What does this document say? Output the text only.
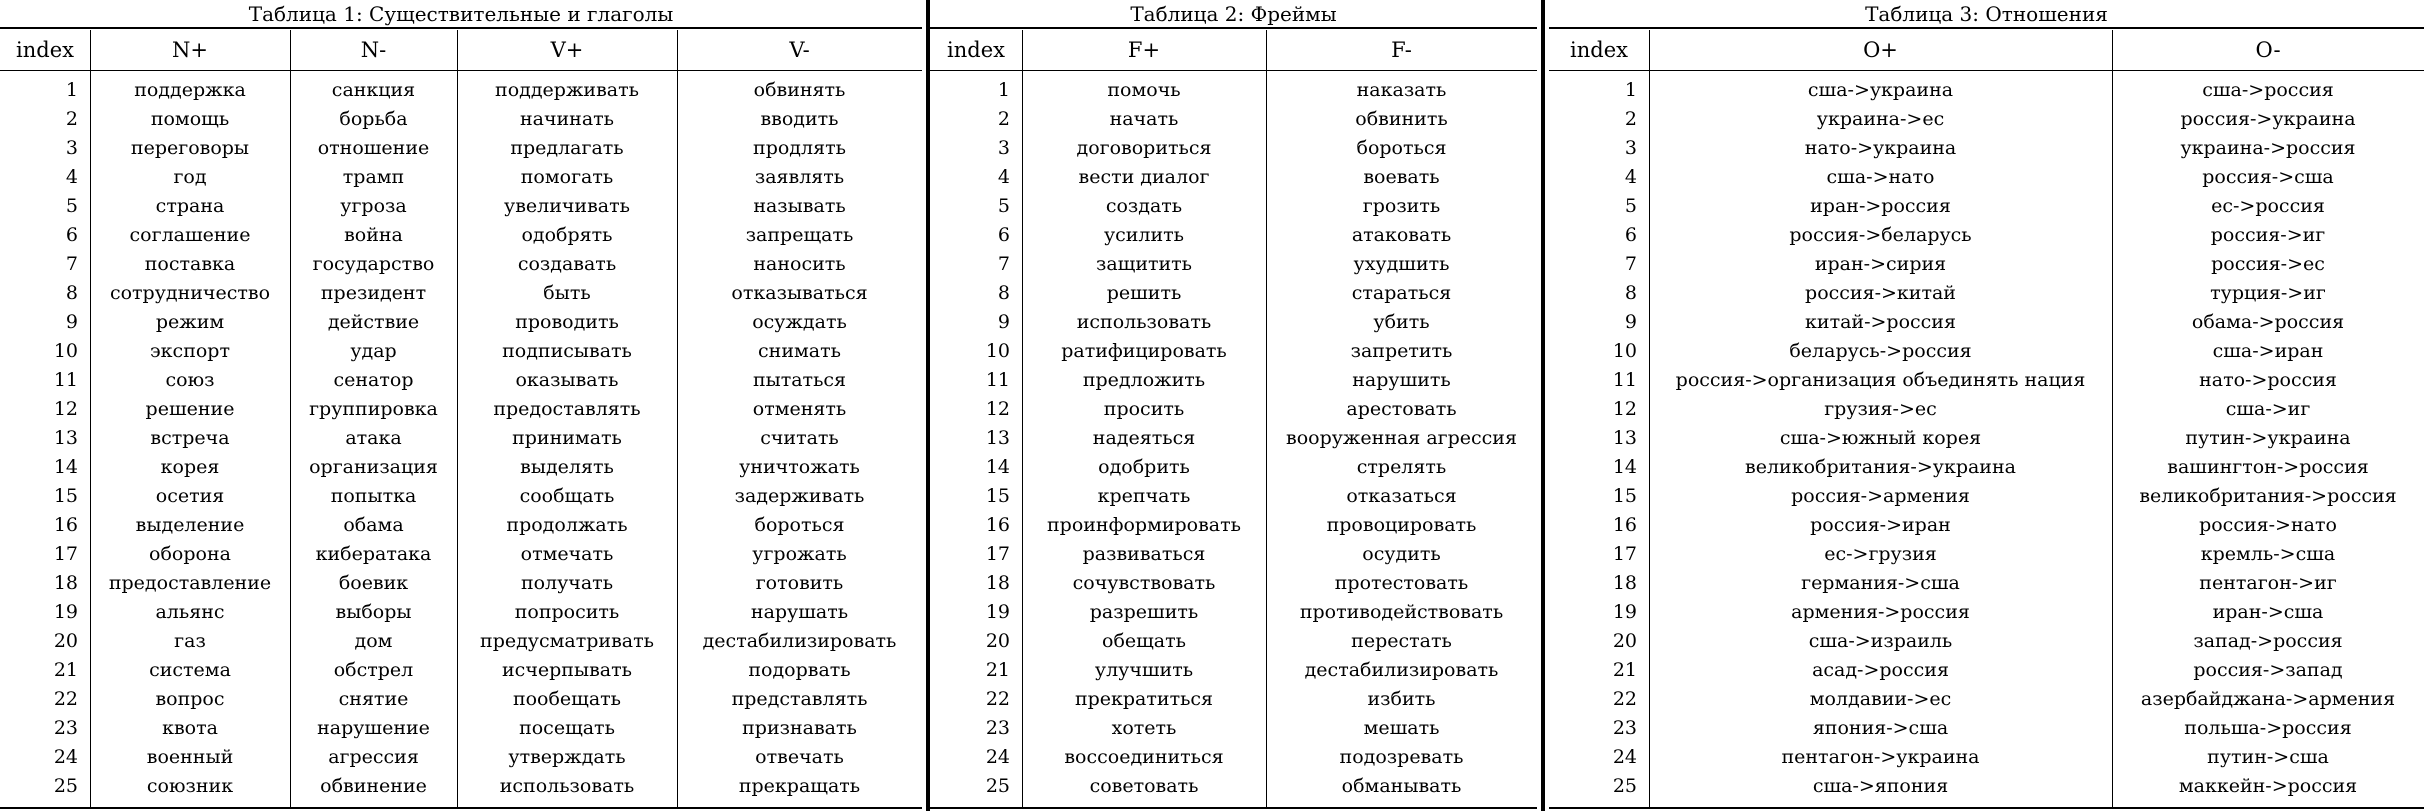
Таблица 1: Существительные и глаголы
index	N+	N-	V+	V-
1	поддержка	санкция	поддерживать	обвинять
2	помощь	борьба	начинать	вводить
3	переговоры	отношение	предлагать	продлять
4	год	трамп	помогать	заявлять
5	страна	угроза	увеличивать	называть
6	соглашение	война	одобрять	запрещать
7	поставка	государство	создавать	наносить
8	сотрудничество	президент	быть	отказываться
9	режим	действие	проводить	осуждать
10	экспорт	удар	подписывать	снимать
11	союз	сенатор	оказывать	пытаться
12	решение	группировка	предоставлять	отменять
13	встреча	атака	принимать	считать
14	корея	организация	выделять	уничтожать
15	осетия	попытка	сообщать	задерживать
16	выделение	обама	продолжать	бороться
17	оборона	кибератака	отмечать	угрожать
18	предоставление	боевик	получать	готовить
19	альянс	выборы	попросить	нарушать
20	газ	дом	предусматривать	дестабилизировать
21	система	обстрел	исчерпывать	подорвать
22	вопрос	снятие	пообещать	представлять
23	квота	нарушение	посещать	признавать
24	военный	агрессия	утверждать	отвечать
25	союзник	обвинение	использовать	прекращать
Таблица 2: Фреймы
index	F+	F-
1	помочь	наказать
2	начать	обвинить
3	договориться	бороться
4	вести диалог	воевать
5	создать	грозить
6	усилить	атаковать
7	защитить	ухудшить
8	решить	стараться
9	использовать	убить
10	ратифицировать	запретить
11	предложить	нарушить
12	просить	арестовать
13	надеяться	вооруженная агрессия
14	одобрить	стрелять
15	крепчать	отказаться
16	проинформировать	провоцировать
17	развиваться	осудить
18	сочувствовать	протестовать
19	разрешить	противодействовать
20	обещать	перестать
21	улучшить	дестабилизировать
22	прекратиться	избить
23	хотеть	мешать
24	воссоединиться	подозревать
25	советовать	обманывать
Таблица 3: Отношения
index	O+	O-
1	сша->украина	сша->россия
2	украина->ес	россия->украина
3	нато->украина	украина->россия
4	сша->нато	россия->сша
5	иран->россия	ес->россия
6	россия->беларусь	россия->иг
7	иран->сирия	россия->ес
8	россия->китай	турция->иг
9	китай->россия	обама->россия
10	беларусь->россия	сша->иран
11	россия->организация объединять нация	нато->россия
12	грузия->ес	сша->иг
13	сша->южный корея	путин->украина
14	великобритания->украина	вашингтон->россия
15	россия->армения	великобритания->россия
16	россия->иран	россия->нато
17	ес->грузия	кремль->сша
18	германия->сша	пентагон->иг
19	армения->россия	иран->сша
20	сша->израиль	запад->россия
21	асад->россия	россия->запад
22	молдавии->ес	азербайджана->армения
23	япония->сша	польша->россия
24	пентагон->украина	путин->сша
25	сша->япония	маккейн->россия
